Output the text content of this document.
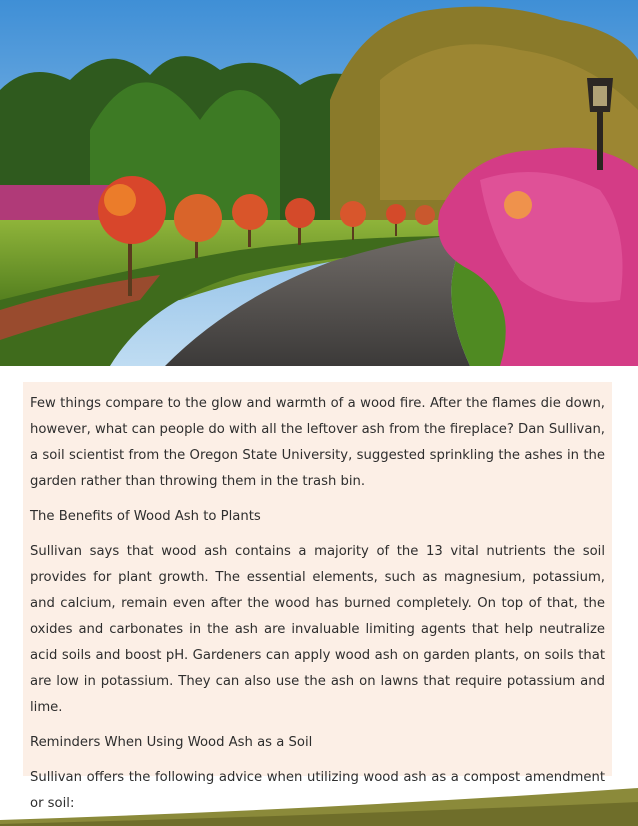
Few things compare to the glow and warmth of a wood fire. After the flames die down, however, what can people do with all the leftover ash from the fireplace? Dan Sullivan, a soil scientist from the Oregon State University, suggested sprinkling the ashes in the garden rather than throwing them in the trash bin.

The Benefits of Wood Ash to Plants

Sullivan says that wood ash contains a majority of the 13 vital nutrients the soil provides for plant growth. The essential elements, such as magnesium, potassium, and calcium, remain even after the wood has burned completely. On top of that, the oxides and carbonates in the ash are invaluable limiting agents that help neutralize acid soils and boost pH. Gardeners can apply wood ash on garden plants, on soils that are low in potassium. They can also use the ash on lawns that require potassium and lime.

Reminders When Using Wood Ash as a Soil

Sullivan offers the following advice when utilizing wood ash as a compost amendment or soil:
